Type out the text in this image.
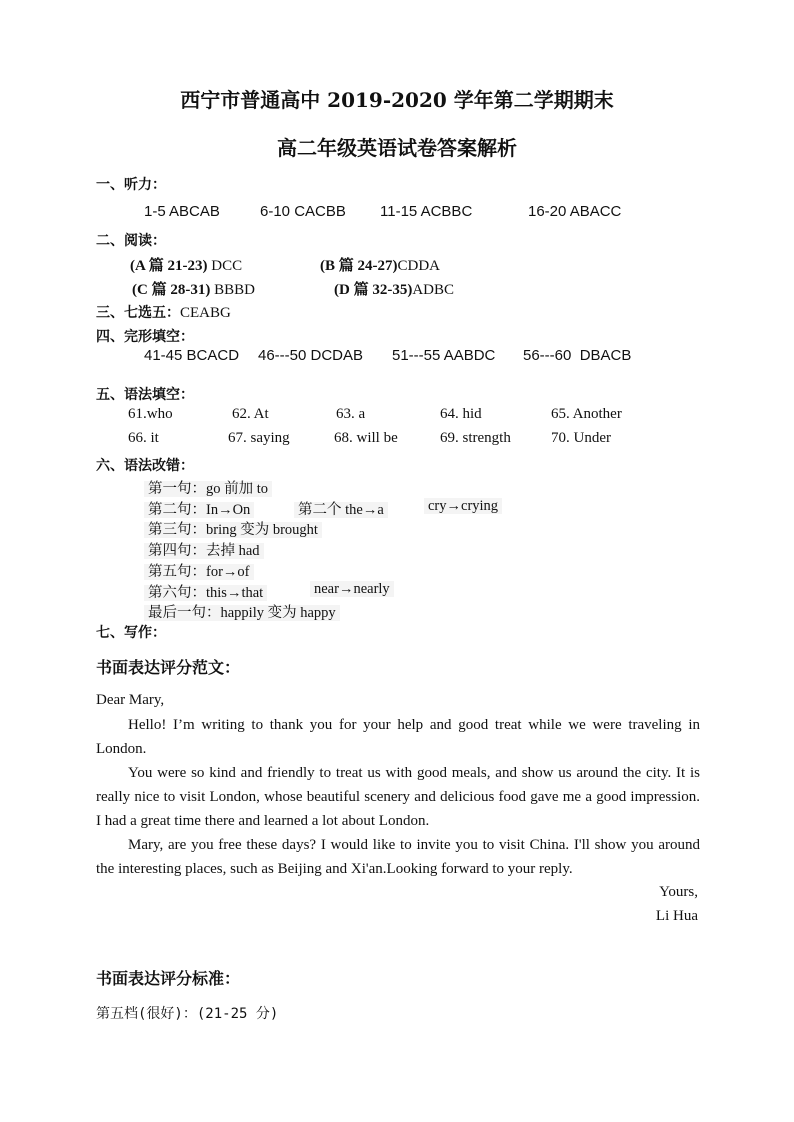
西宁市普通高中 2019-2020 学年第二学期期末
高二年级英语试卷答案解析
一、听力：
1-5 ABCAB	6-10 CACBB 11-15 ACBBC	16-20 ABACC
二、阅读：
(A 篇 21-23) DCC	(B 篇 24-27)CDDA
(C 篇 28-31) BBBD	(D 篇 32-35)ADBC
三、七选五：CEABG
四、完形填空：
41-45 BCACD 46---50 DCDAB 51---55 AABDC 56---60  DBACB
五、语法填空：
61.who	62. At	63. a	64. hid	65. Another
66. it	67. saying	68. will be	69. strength	70. Under
六、语法改错：
第一句：go 前加 to
第二句：In→On	第二个 the→a	cry→crying
第三句：bring 变为 brought
第四句：去掉 had
第五句：for→of
第六句：this→that	near→nearly
最后一句：happily 变为 happy
七、写作：
书面表达评分范文：
Dear Mary,
Hello! I’m writing to thank you for your help and good treat while we were traveling in London.
You were so kind and friendly to treat us with good meals, and show us around the city. It is really nice to visit London, whose beautiful scenery and delicious food gave me a good impression. I had a great time there and learned a lot about London.
Mary, are you free these days? I would like to invite you to visit China. I'll show you around the interesting places, such as Beijing and Xi'an.Looking forward to your reply.
Yours,
Li Hua
书面表达评分标准：
第五档(很好)：(21-25 分)
